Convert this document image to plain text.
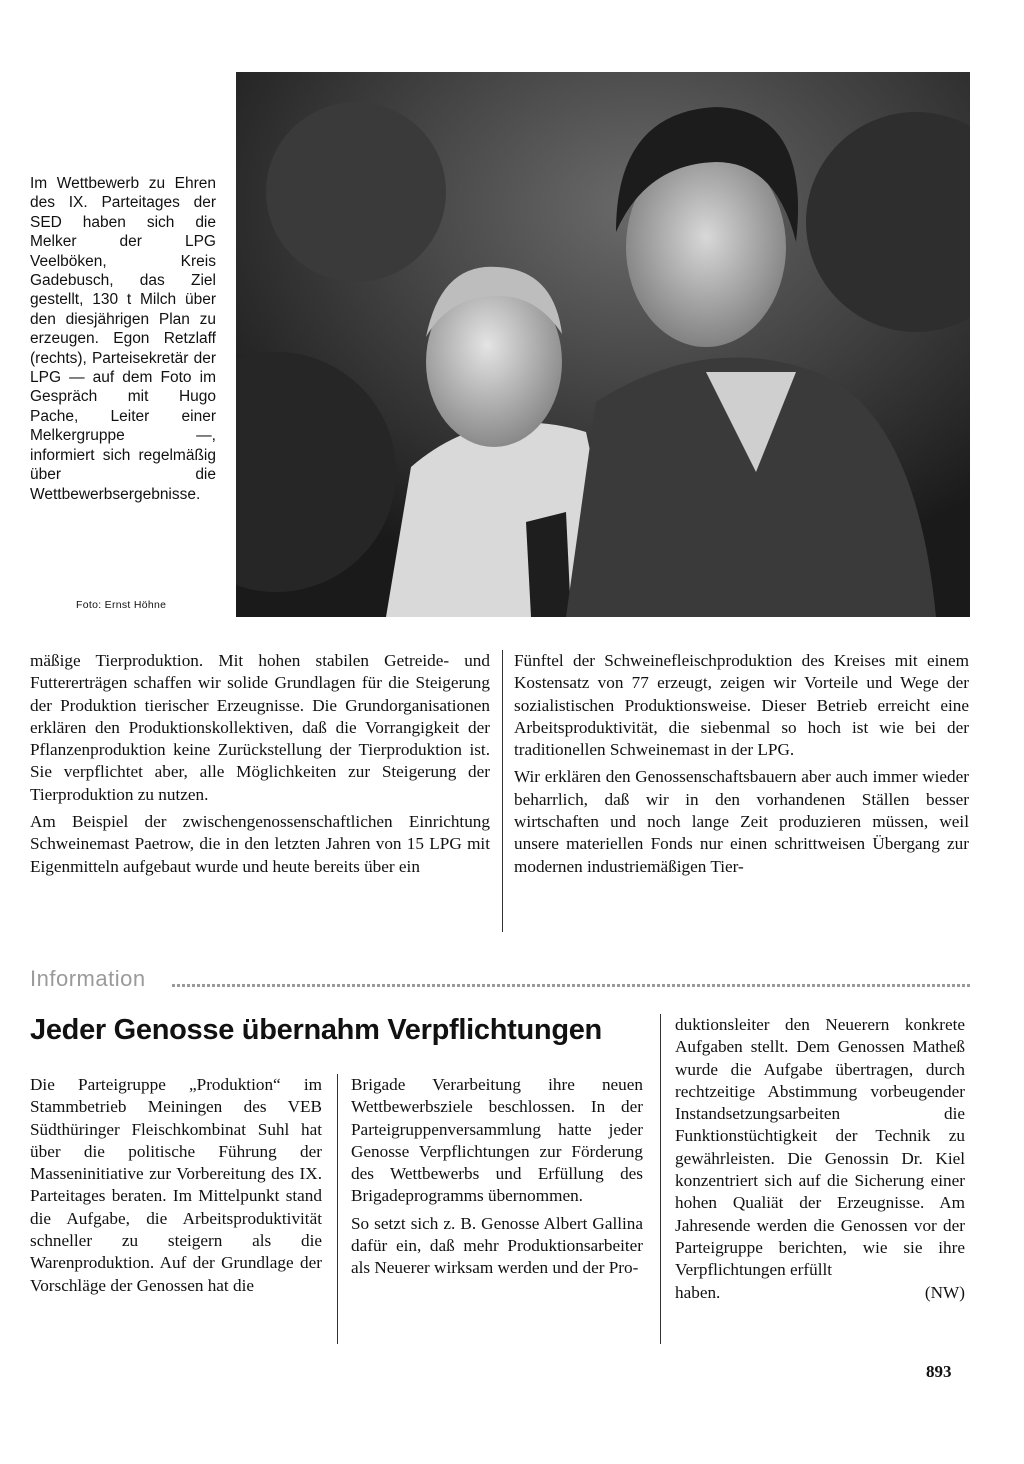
Im Wettbewerb zu Ehren des IX. Parteitages der SED haben sich die Melker der LPG Veelböken, Kreis Gadebusch, das Ziel gestellt, 130 t Milch über den diesjährigen Plan zu erzeugen. Egon Retzlaff (rechts), Parteisekretär der LPG — auf dem Foto im Gespräch mit Hugo Pache, Leiter einer Melkergruppe —, informiert sich regelmäßig über die Wettbewerbsergebnisse.

Foto: Ernst Höhne

mäßige Tierproduktion. Mit hohen stabilen Getreide- und Futtererträgen schaffen wir solide Grundlagen für die Steigerung der Produktion tierischer Erzeugnisse. Die Grundorganisationen erklären den Produktionskollektiven, daß die Vorrangigkeit der Pflanzenproduktion keine Zurückstellung der Tierproduktion ist. Sie verpflichtet aber, alle Möglichkeiten zur Steigerung der Tierproduktion zu nutzen.

Am Beispiel der zwischengenossenschaftlichen Einrichtung Schweinemast Paetrow, die in den letzten Jahren von 15 LPG mit Eigenmitteln aufgebaut wurde und heute bereits über ein

Fünftel der Schweinefleischproduktion des Kreises mit einem Kostensatz von 77 erzeugt, zeigen wir Vorteile und Wege der sozialistischen Produktionsweise. Dieser Betrieb erreicht eine Arbeitsproduktivität, die siebenmal so hoch ist wie bei der traditionellen Schweinemast in der LPG.

Wir erklären den Genossenschaftsbauern aber auch immer wieder beharrlich, daß wir in den vorhandenen Ställen besser wirtschaften und noch lange Zeit produzieren müssen, weil unsere materiellen Fonds nur einen schrittweisen Übergang zur modernen industriemäßigen Tier-

Information
Jeder Genosse übernahm Verpflichtungen

Die Parteigruppe „Produktion“ im Stammbetrieb Meiningen des VEB Südthüringer Fleischkombinat Suhl hat über die politische Führung der Masseninitiative zur Vorbereitung des IX. Parteitages beraten. Im Mittelpunkt stand die Aufgabe, die Arbeitsproduktivität schneller zu steigern als die Warenproduktion. Auf der Grundlage der Vorschläge der Genossen hat die

Brigade Verarbeitung ihre neuen Wettbewerbsziele beschlossen. In der Parteigruppenversammlung hatte jeder Genosse Verpflichtungen zur Förderung des Wettbewerbs und Erfüllung des Brigadeprogramms übernommen.

So setzt sich z. B. Genosse Albert Gallina dafür ein, daß mehr Produktionsarbeiter als Neuerer wirksam werden und der Pro-

duktionsleiter den Neuerern konkrete Aufgaben stellt. Dem Genossen Matheß wurde die Aufgabe übertragen, durch rechtzeitige Abstimmung vorbeugender Instandsetzungsarbeiten die Funktionstüchtigkeit der Technik zu gewährleisten. Die Genossin Dr. Kiel konzentriert sich auf die Sicherung einer hohen Qualiät der Erzeugnisse. Am Jahresende werden die Genossen vor der Parteigruppe berichten, wie sie ihre Verpflichtungen erfüllt

haben.	(NW)
893
